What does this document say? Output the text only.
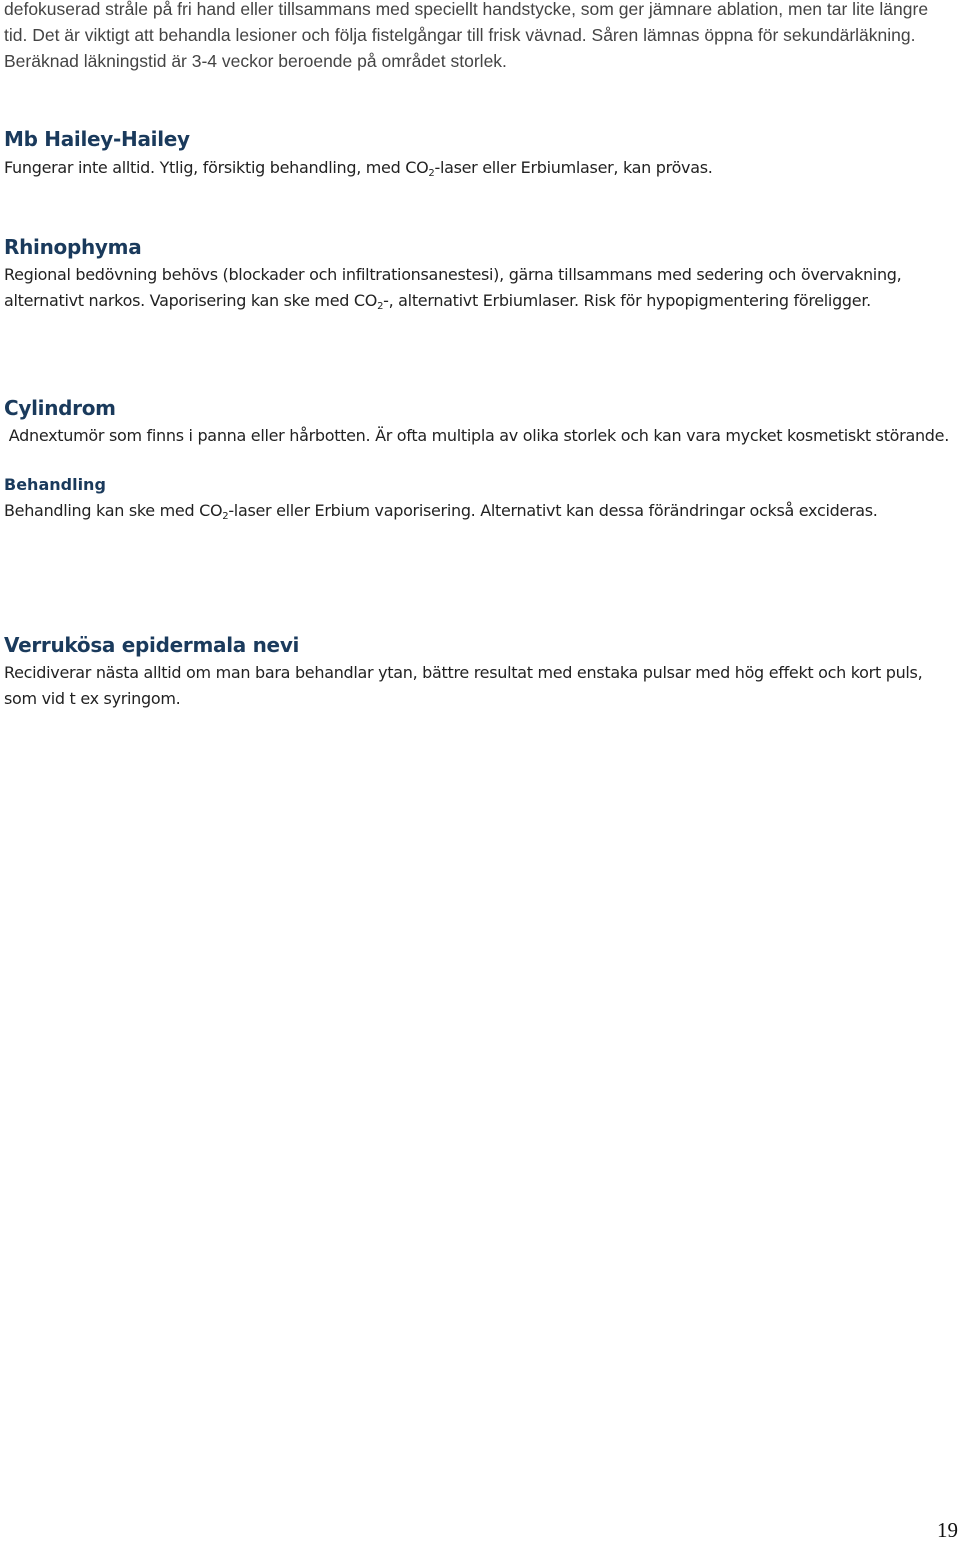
defokuserad stråle på fri hand eller tillsammans med speciellt handstycke, som ger jämnare ablation, men tar lite längre tid. Det är viktigt att behandla lesioner och följa fistelgångar till frisk vävnad. Såren lämnas öppna för sekundärläkning. Beräknad läkningstid är 3-4 veckor beroende på området storlek.

Mb Hailey-Hailey

Fungerar inte alltid. Ytlig, försiktig behandling, med $CO_2$-laser eller Erbiumlaser, kan prövas.

Rhinophyma

Regional bedövning behövs (blockader och infiltrationsanestesi), gärna tillsammans med sedering och övervakning, alternativt narkos. Vaporisering kan ske med $CO_2-$, alternativt Erbiumlaser. Risk för hypopigmentering föreligger.

Cylindrom

Adnextumör som finns i panna eller hårbotten. Är ofta multipla av olika storlek och kan vara mycket kosmetiskt störande.

Behandling

Behandling kan ske med $CO_2$-laser eller Erbium vaporisering. Alternativt kan dessa förändringar också excideras.

Verrukösa epidermala nevi

Recidiverar nästa alltid om man bara behandlar ytan, bättre resultat med enstaka pulsar med hög effekt och kort puls, som vid t ex syringom.

19
